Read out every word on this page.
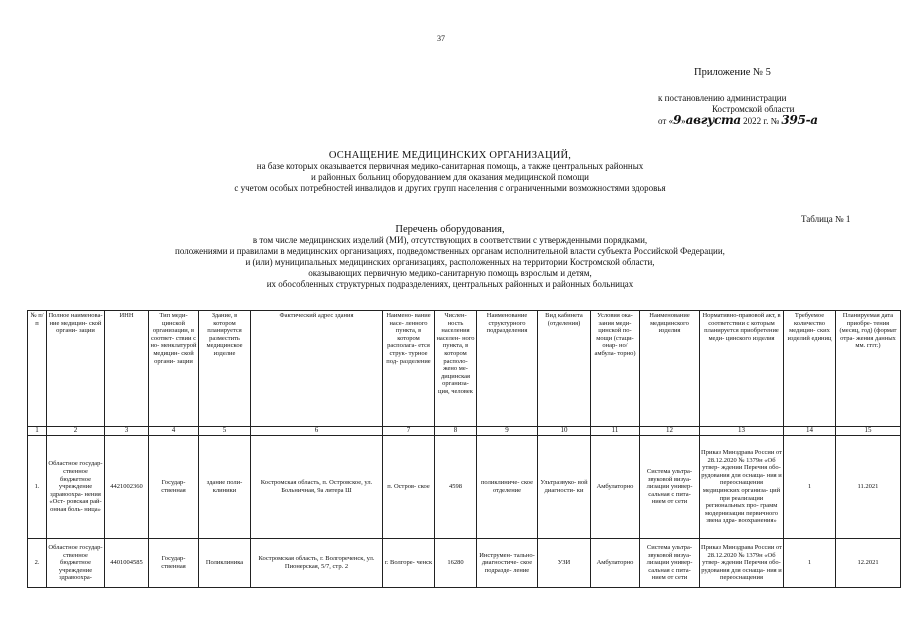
37
Приложение № 5
к постановлению администрации
Костромской области
от «9»августа 2022 г. № 395-а
ОСНАЩЕНИЕ МЕДИЦИНСКИХ ОРГАНИЗАЦИЙ,
на базе которых оказывается первичная медико-санитарная помощь, а также центральных районных
и районных больниц оборудованием для оказания медицинской помощи
с учетом особых потребностей инвалидов и других групп населения с ограниченными возможностями здоровья
Таблица № 1
Перечень оборудования,
в том числе медицинских изделий (МИ), отсутствующих в соответствии с утвержденными порядками,
положениями и правилами в медицинских организациях, подведомственных органам исполнительной власти субъекта Российской Федерации,
и (или) муниципальных медицинских организациях, расположенных на территории Костромской области,
оказывающих первичную медико-санитарную помощь взрослым и детям,
их обособленных структурных подразделениях, центральных районных и районных больницах
№ п/п	Полное наименова- ние медицин- ской органи- зации	ИНН	Тип меди- цинской организации, в соответ- ствии с но- менклатурой медицин- ской органи- зации	Здание, в котором планируется разместить медицинское изделие	Фактический адрес здания	Наимено- вание насе- ленного пункта, в котором располага- ется струк- турное под- разделение	Числен- ность населения населен- ного пункта, в котором располо- жено ме- дицинская организа- ция, человек	Наименование структурного подразделения	Вид кабинета (отделения)	Условия ока- зания меди- цинской по- мощи (стаци- онар- но/амбула- торно)	Наименование медицинского изделия	Нормативно-правовой акт, в соответствии с которым планируется приобретение меди- цинского изделия	Требуемое количество медицин- ских изделий единиц	Планируемая дата приобре- тения (месяц, год) (формат отра- жения данных мм. гггг.)
1	2	3	4	5	6	7	8	9	10	11	12	13	14	15
1.	Областное государ- ственное бюджетное учреждение здравоохра- нения «Ост- ровская рай- онная боль- ница»	4421002360	Государ- ственная	здание поли- клиники	Костромская область, п. Островское, ул. Больничная, 9а литера Ш	п. Остров- ское	4598	поликлиниче- ское отделение	Ультразвуко- вой диагности- ки	Амбулаторно	Система ультра- звуковой визуа- лизации универ- сальная с пита- нием от сети	Приказ Минздрава России от 28.12.2020 № 1379н «Об утвер- ждении Перечня обо- рудования для оснаща- ния и переоснащения медицинских организа- ций при реализации региональных про- грамм модернизации первичного звена здра- воохранения»	1	11.2021
2.	Областное государ- ственное бюджетное учреждение здравоохра-	4401004585	Государ- ственная	Поликлиника	Костромская область, г. Волгореченск, ул. Пионерская, 5/7, стр. 2	г. Волгоре- ченск	16280	Инструмен- тально- диагностиче- ское подразде- ление	УЗИ	Амбулаторно	Система ультра- звуковой визуа- лизации универ- сальная с пита- нием от сети	Приказ Минздрава России от 28.12.2020 № 1379н «Об утвер- ждении Перечня обо- рудования для оснаща- ния и переоснащения	1	12.2021
